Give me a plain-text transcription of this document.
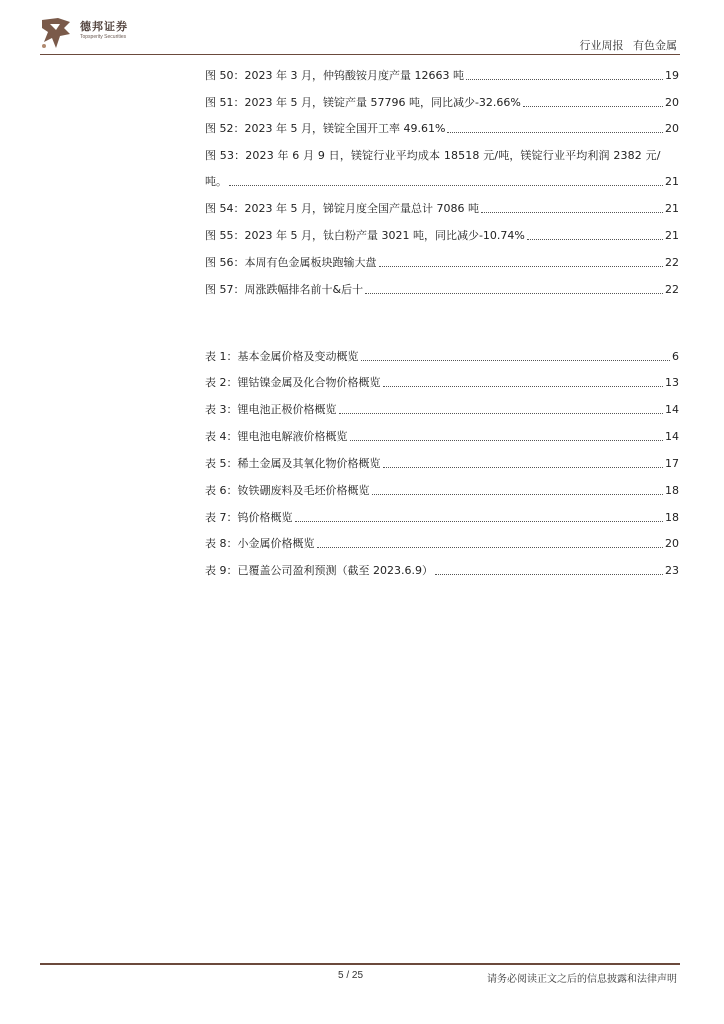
德邦证券
Topsperity Securities
行业周报 有色金属
图 50：2023 年 3 月，仲钨酸铵月度产量 12663 吨	19
图 51：2023 年 5 月，镁锭产量 57796 吨，同比减少-32.66%	20
图 52：2023 年 5 月，镁锭全国开工率 49.61%	20
图 53：2023 年 6 月 9 日，镁锭行业平均成本 18518 元/吨，镁锭行业平均利润 2382 元/
吨。	21
图 54：2023 年 5 月，锑锭月度全国产量总计 7086 吨	21
图 55：2023 年 5 月，钛白粉产量 3021 吨，同比减少-10.74%	21
图 56：本周有色金属板块跑输大盘	22
图 57：周涨跌幅排名前十&后十	22
表 1：基本金属价格及变动概览	6
表 2：锂钴镍金属及化合物价格概览	13
表 3：锂电池正极价格概览	14
表 4：锂电池电解液价格概览	14
表 5：稀土金属及其氧化物价格概览	17
表 6：钕铁硼废料及毛坯价格概览	18
表 7：钨价格概览	18
表 8：小金属价格概览	20
表 9：已覆盖公司盈利预测（截至 2023.6.9）	23
5 / 25	请务必阅读正文之后的信息披露和法律声明
